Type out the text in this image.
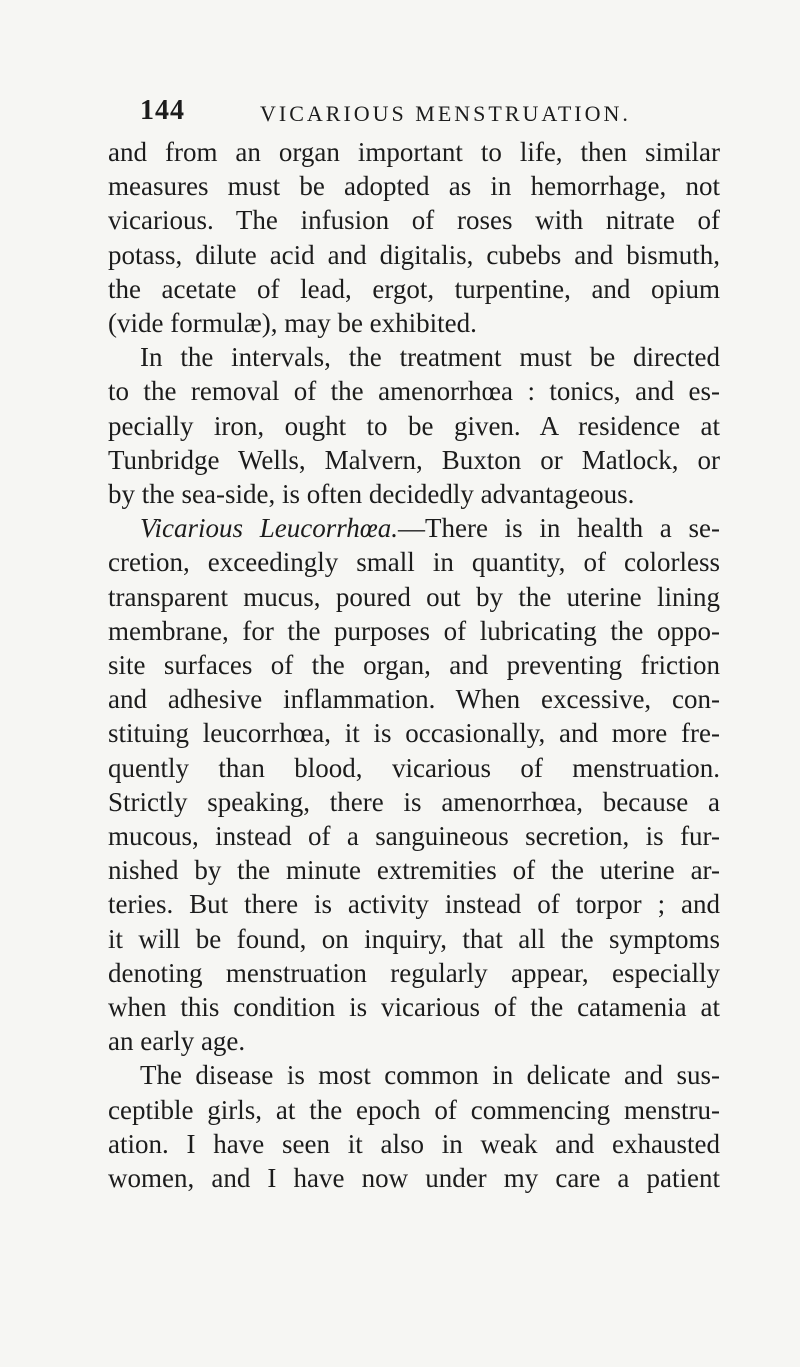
144	VICARIOUS MENSTRUATION.
and from an organ important to life, then similar
measures must be adopted as in hemorrhage, not
vicarious. The infusion of roses with nitrate of
potass, dilute acid and digitalis, cubebs and bismuth,
the acetate of lead, ergot, turpentine, and opium
(vide formulæ), may be exhibited.
In the intervals, the treatment must be directed
to the removal of the amenorrhœa : tonics, and es-
pecially iron, ought to be given. A residence at
Tunbridge Wells, Malvern, Buxton or Matlock, or
by the sea-side, is often decidedly advantageous.
Vicarious Leucorrhœa.—There is in health a se-
cretion, exceedingly small in quantity, of colorless
transparent mucus, poured out by the uterine lining
membrane, for the purposes of lubricating the oppo-
site surfaces of the organ, and preventing friction
and adhesive inflammation. When excessive, con-
stituing leucorrhœa, it is occasionally, and more fre-
quently than blood, vicarious of menstruation.
Strictly speaking, there is amenorrhœa, because a
mucous, instead of a sanguineous secretion, is fur-
nished by the minute extremities of the uterine ar-
teries. But there is activity instead of torpor ; and
it will be found, on inquiry, that all the symptoms
denoting menstruation regularly appear, especially
when this condition is vicarious of the catamenia at
an early age.
The disease is most common in delicate and sus-
ceptible girls, at the epoch of commencing menstru-
ation. I have seen it also in weak and exhausted
women, and I have now under my care a patient
